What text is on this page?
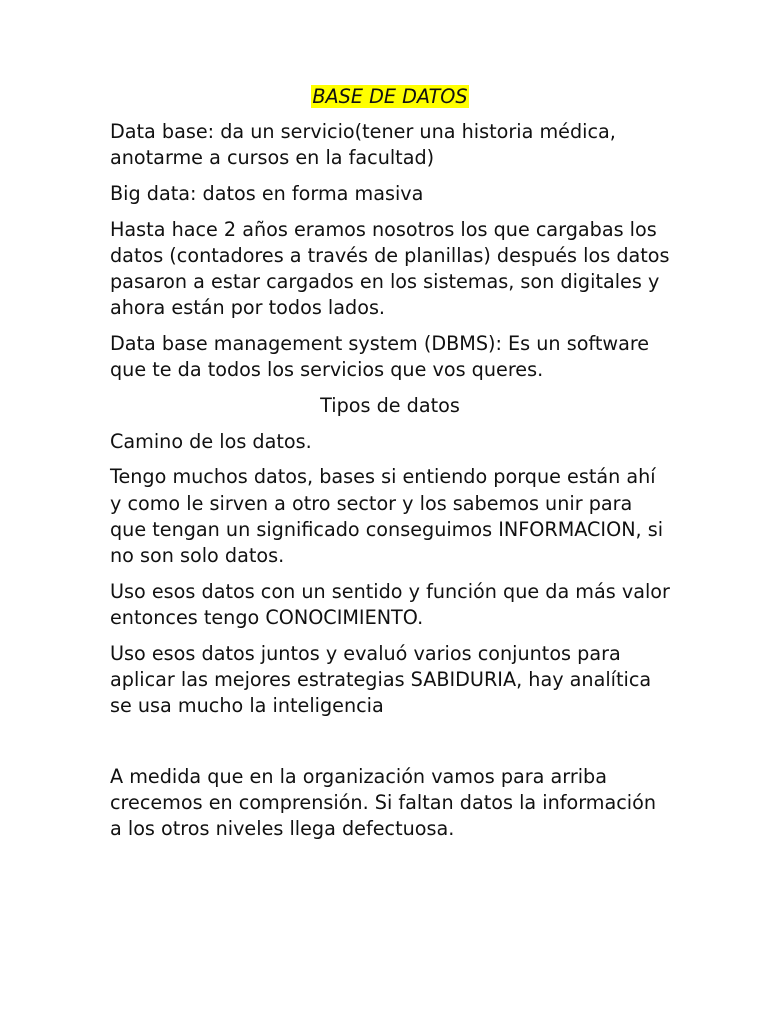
BASE DE DATOS

Data base: da un servicio(tener una historia médica, anotarme a cursos en la facultad)

Big data: datos en forma masiva

Hasta hace 2 años eramos nosotros los que cargabas los datos (contadores a través de planillas) después los datos pasaron a estar cargados en los sistemas, son digitales y ahora están por todos lados.

Data base management system (DBMS): Es un software que te da todos los servicios que vos queres.

Tipos de datos

Camino de los datos.

Tengo muchos datos, bases si entiendo porque están ahí y como le sirven a otro sector y los sabemos unir para que tengan un significado conseguimos INFORMACION, si no son solo datos.

Uso esos datos con un sentido y función que da más valor entonces tengo CONOCIMIENTO.

Uso esos datos juntos y evaluó varios conjuntos para aplicar las mejores estrategias SABIDURIA, hay analítica se usa mucho la inteligencia

A medida que en la organización vamos para arriba crecemos en comprensión. Si faltan datos la información a los otros niveles llega defectuosa.
